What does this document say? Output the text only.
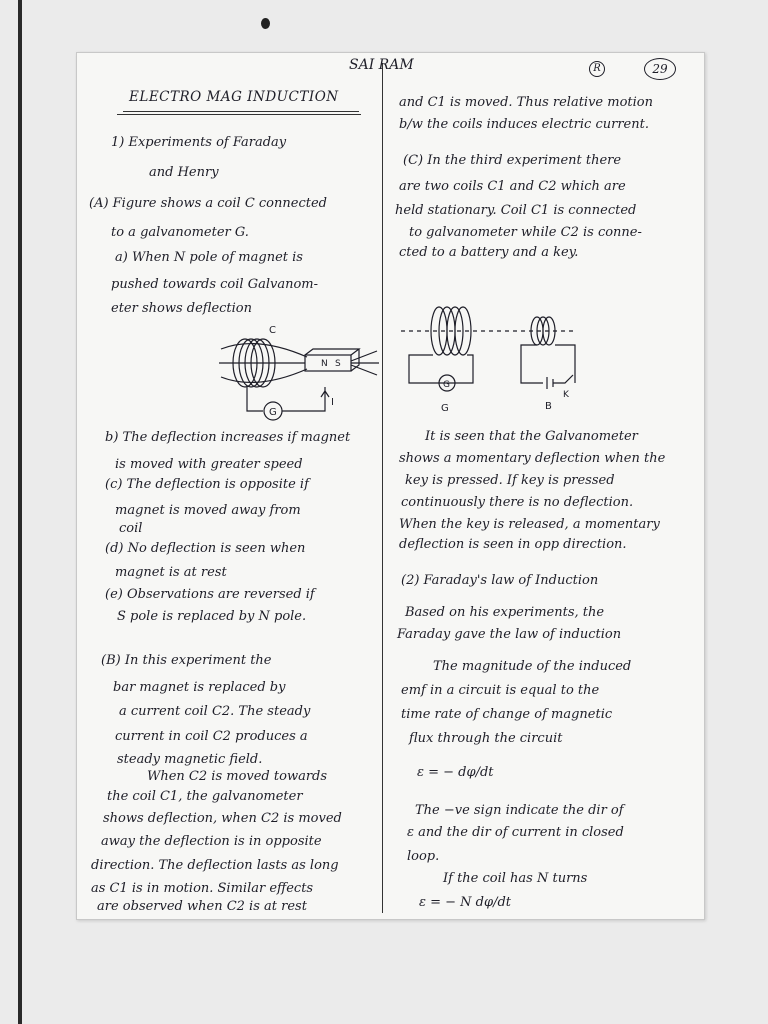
SAI RAM	R	29
ELECTRO MAG INDUCTION
1) Experiments of Faraday
and Henry
(A) Figure shows a coil C connected
to a galvanometer G.
a) When N pole of magnet is
pushed towards coil Galvanom-
eter shows deflection
C
N S
G
I
b) The deflection increases if magnet
is moved with greater speed
(c) The deflection is opposite if
magnet is moved away from
coil
(d) No deflection is seen when
magnet is at rest
(e) Observations are reversed if
S pole is replaced by N pole.
(B) In this experiment the
bar magnet is replaced by
a current coil C2. The steady
current in coil C2 produces a
steady magnetic field.
When C2 is moved towards
the coil C1, the galvanometer
shows deflection, when C2 is moved
away the deflection is in opposite
direction. The deflection lasts as long
as C1 is in motion. Similar effects
are observed when C2 is at rest
and C1 is moved. Thus relative motion
b/w the coils induces electric current.
(C) In the third experiment there
are two coils C1 and C2 which are
held stationary. Coil C1 is connected
to galvanometer while C2 is conne-
cted to a battery and a key.
G
G
B
K
It is seen that the Galvanometer
shows a momentary deflection when the
key is pressed. If key is pressed
continuously there is no deflection.
When the key is released, a momentary
deflection is seen in opp direction.
(2) Faraday's law of Induction
Based on his experiments, the
Faraday gave the law of induction
The magnitude of the induced
emf in a circuit is equal to the
time rate of change of magnetic
flux through the circuit
ε = − dφ/dt
The −ve sign indicate the dir of
ε and the dir of current in closed
loop.
If the coil has N turns
ε = − N dφ/dt
